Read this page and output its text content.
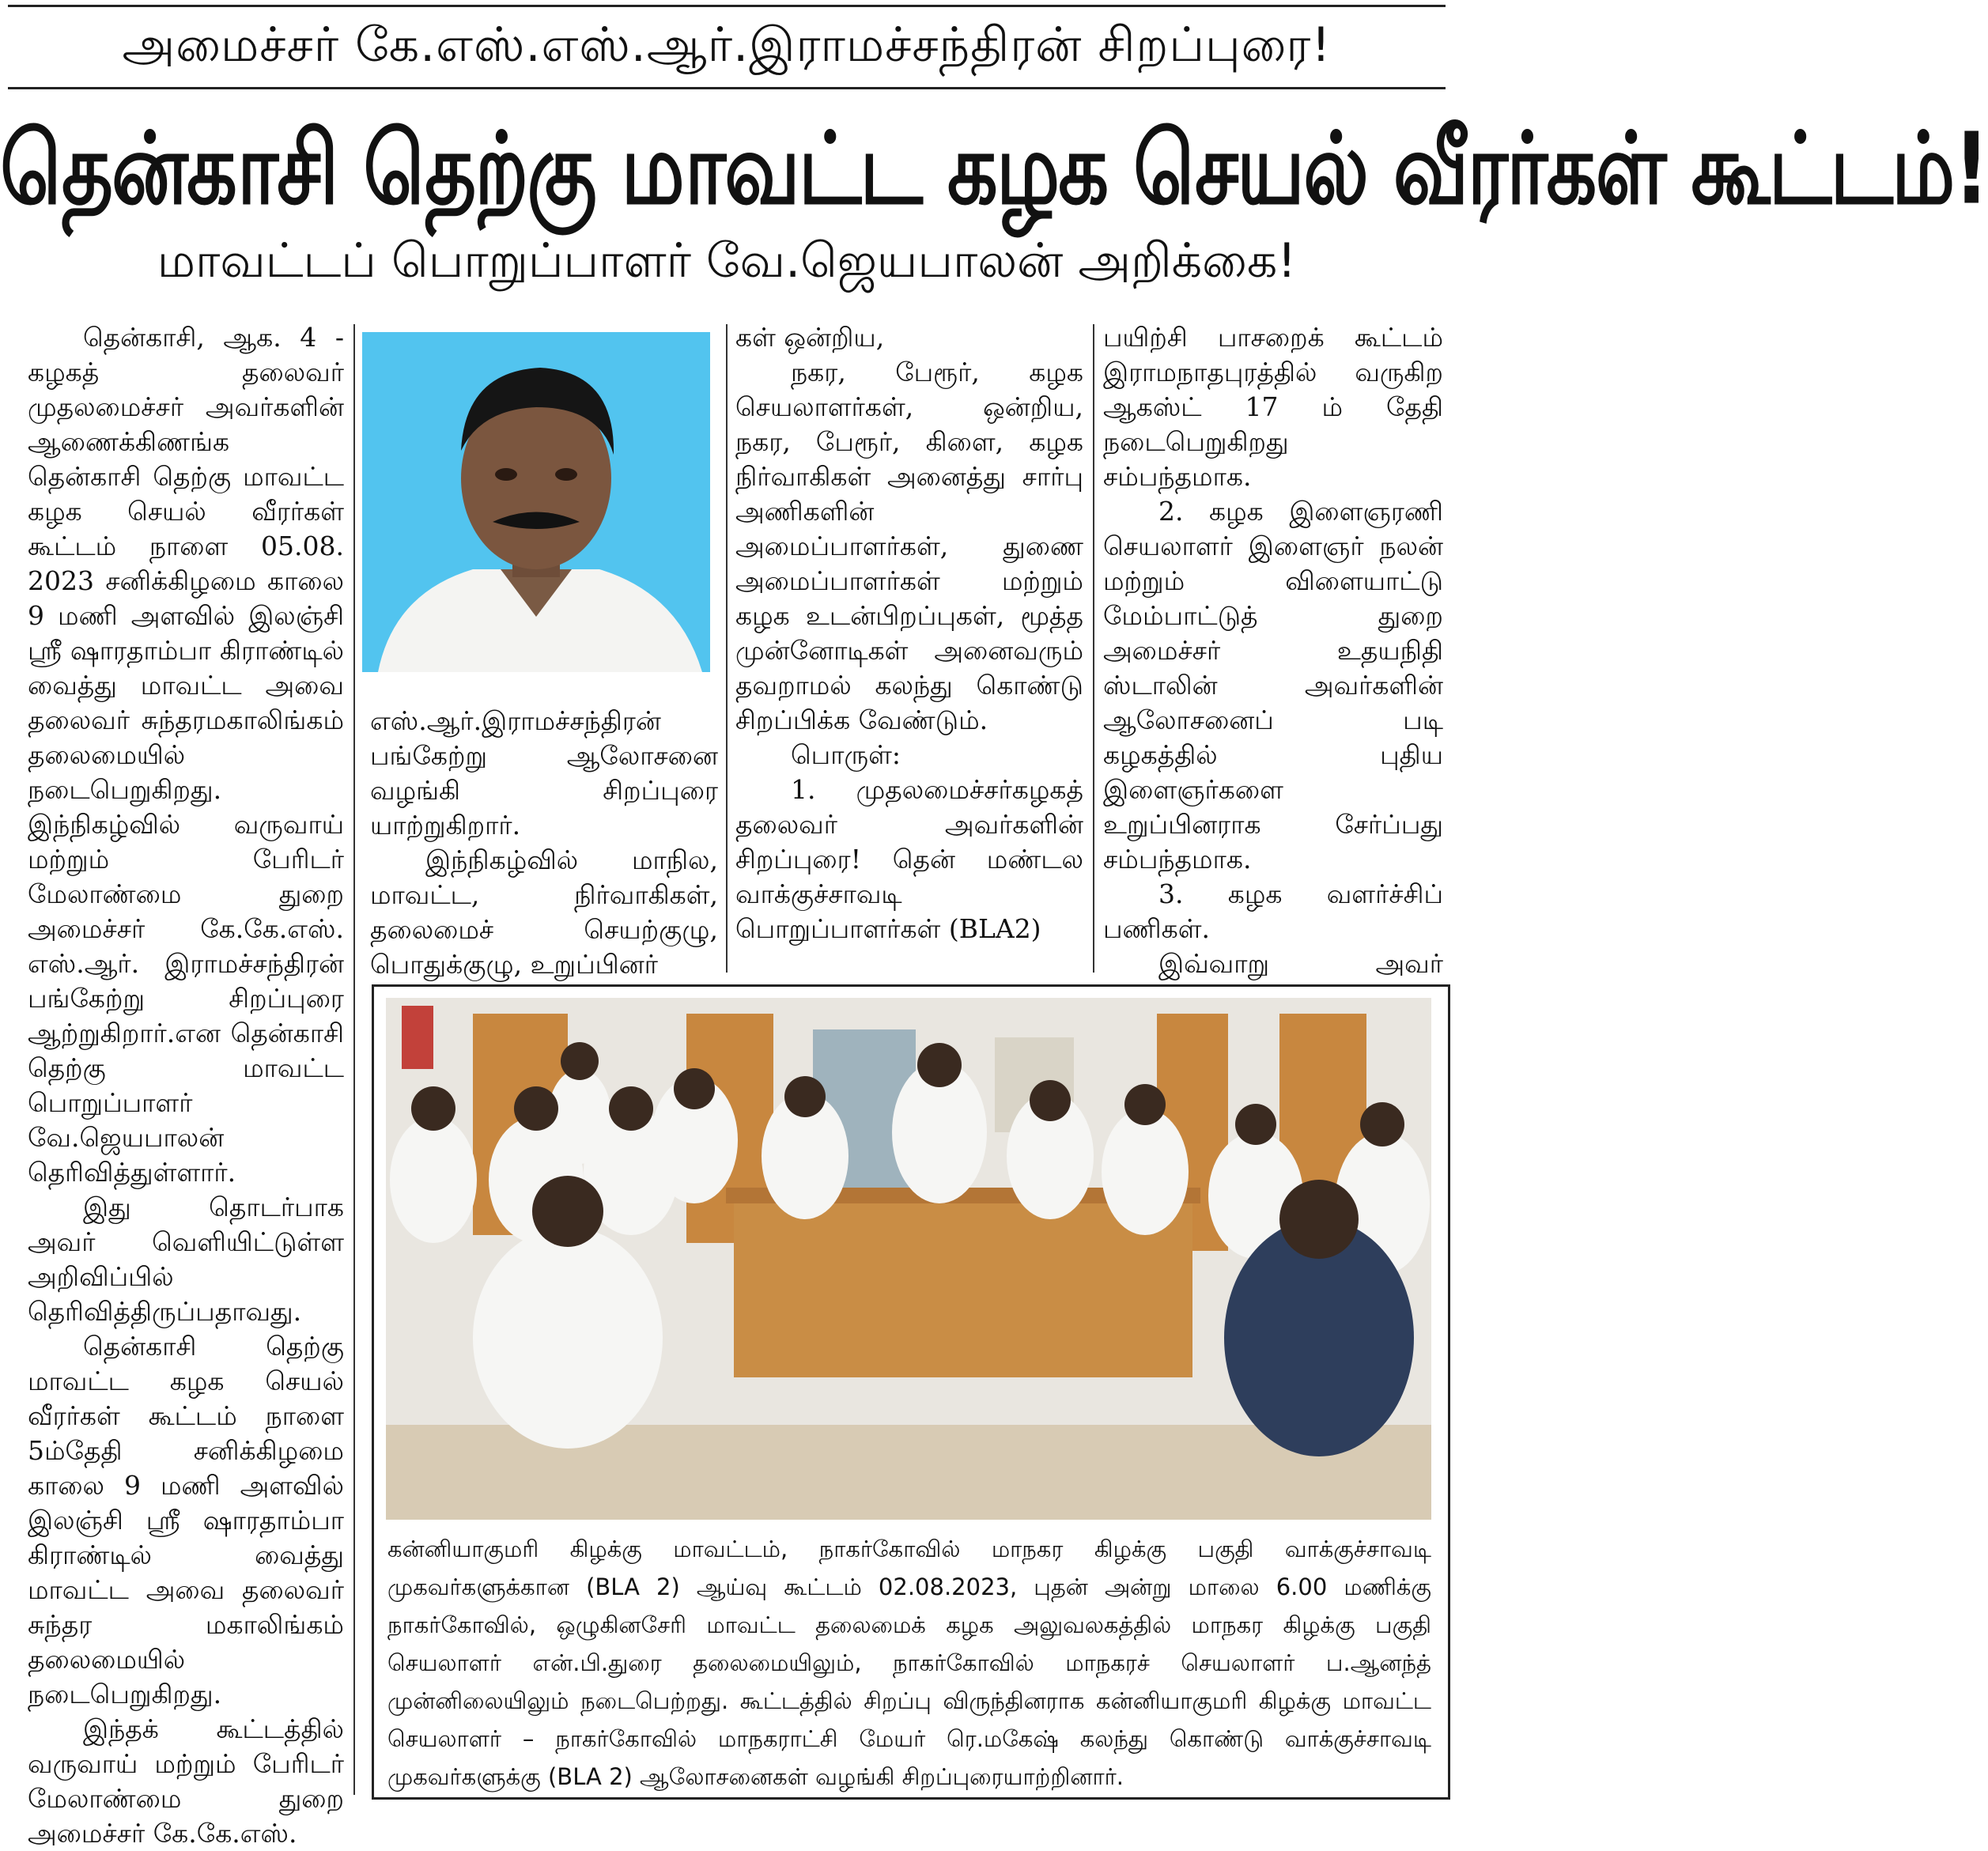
அமைச்சர் கே.எஸ்.எஸ்.ஆர்.இராமச்சந்திரன் சிறப்புரை!
தென்காசி தெற்கு மாவட்ட கழக செயல் வீரர்கள் கூட்டம்!
மாவட்டப் பொறுப்பாளர் வே.ஜெயபாலன் அறிக்கை!

தென்காசி, ஆக. 4 - கழகத் தலைவர் முதலமைச்சர் அவர்களின் ஆணைக்கிணங்க தென்காசி தெற்கு மாவட்ட கழக செயல் வீரர்கள் கூட்டம் நாளை 05.08. 2023 சனிக்கிழமை காலை 9 மணி அளவில் இலஞ்சி ஸ்ரீ ஷாரதாம்பா கிராண்டில் வைத்து மாவட்ட அவை தலைவர் சுந்தரமகாலிங்கம் தலைமையில் நடைபெறுகிறது. இந்நிகழ்வில் வருவாய் மற்றும் பேரிடர் மேலாண்மை துறை அமைச்சர் கே.கே.எஸ். எஸ்.ஆர். இராமச்சந்திரன் பங்கேற்று சிறப்புரை ஆற்றுகிறார்.என தென்காசி தெற்கு மாவட்ட பொறுப்பாளர் வே.ஜெயபாலன் தெரிவித்துள்ளார்.

இது தொடர்பாக அவர் வெளியிட்டுள்ள அறிவிப்பில் தெரிவித்திருப்பதாவது.

தென்காசி தெற்கு மாவட்ட கழக செயல் வீரர்கள் கூட்டம் நாளை 5ம்தேதி சனிக்கிழமை காலை 9 மணி அளவில் இலஞ்சி ஸ்ரீ ஷாரதாம்பா கிராண்டில் வைத்து மாவட்ட அவை தலைவர் சுந்தர மகாலிங்கம் தலைமையில் நடைபெறுகிறது.

இந்தக் கூட்டத்தில் வருவாய் மற்றும் பேரிடர் மேலாண்மை துறை அமைச்சர் கே.கே.எஸ்.

எஸ்.ஆர்.இராமச்சந்திரன் பங்கேற்று ஆலோசனை வழங்கி சிறப்புரை யாற்றுகிறார்.

இந்நிகழ்வில் மாநில, மாவட்ட, நிர்வாகிகள், தலைமைச் செயற்குழு, பொதுக்குழு, உறுப்பினர்

கள் ஒன்றிய,

நகர, பேரூர், கழக செயலாளர்கள், ஒன்றிய, நகர, பேரூர், கிளை, கழக நிர்வாகிகள் அனைத்து சார்பு அணிகளின் அமைப்பாளர்கள், துணை அமைப்பாளர்கள் மற்றும் கழக உடன்பிறப்புகள், மூத்த முன்னோடிகள் அனைவரும் தவறாமல் கலந்து கொண்டு சிறப்பிக்க வேண்டும்.

பொருள்:

1. முதலமைச்சர்கழகத் தலைவர் அவர்களின் சிறப்புரை! தென் மண்டல வாக்குச்சாவடி பொறுப்பாளர்கள் (BLA2)

பயிற்சி பாசறைக் கூட்டம் இராமநாதபுரத்தில் வருகிற ஆகஸ்ட் 17 ம் தேதி நடைபெறுகிறது சம்பந்தமாக.

2. கழக இளைஞரணி செயலாளர் இளைஞர் நலன் மற்றும் விளையாட்டு மேம்பாட்டுத் துறை அமைச்சர் உதயநிதி ஸ்டாலின் அவர்களின் ஆலோசனைப் படி கழகத்தில் புதிய இளைஞர்களை உறுப்பினராக சேர்ப்பது சம்பந்தமாக.

3. கழக வளர்ச்சிப் பணிகள்.

இவ்வாறு அவர்

கன்னியாகுமரி கிழக்கு மாவட்டம், நாகர்கோவில் மாநகர கிழக்கு பகுதி வாக்குச்சாவடி முகவர்களுக்கான (BLA 2) ஆய்வு கூட்டம் 02.08.2023, புதன் அன்று மாலை 6.00 மணிக்கு நாகர்கோவில், ஒழுகினசேரி மாவட்ட தலைமைக் கழக அலுவலகத்தில் மாநகர கிழக்கு பகுதி செயலாளர் என்.பி.துரை தலைமையிலும், நாகர்கோவில் மாநகரச் செயலாளர் ப.ஆனந்த் முன்னிலையிலும் நடைபெற்றது. கூட்டத்தில் சிறப்பு விருந்தினராக கன்னியாகுமரி கிழக்கு மாவட்ட செயலாளர் – நாகர்கோவில் மாநகராட்சி மேயர் ரெ.மகேஷ் கலந்து கொண்டு வாக்குச்சாவடி முகவர்களுக்கு (BLA 2) ஆலோசனைகள் வழங்கி சிறப்புரையாற்றினார்.
